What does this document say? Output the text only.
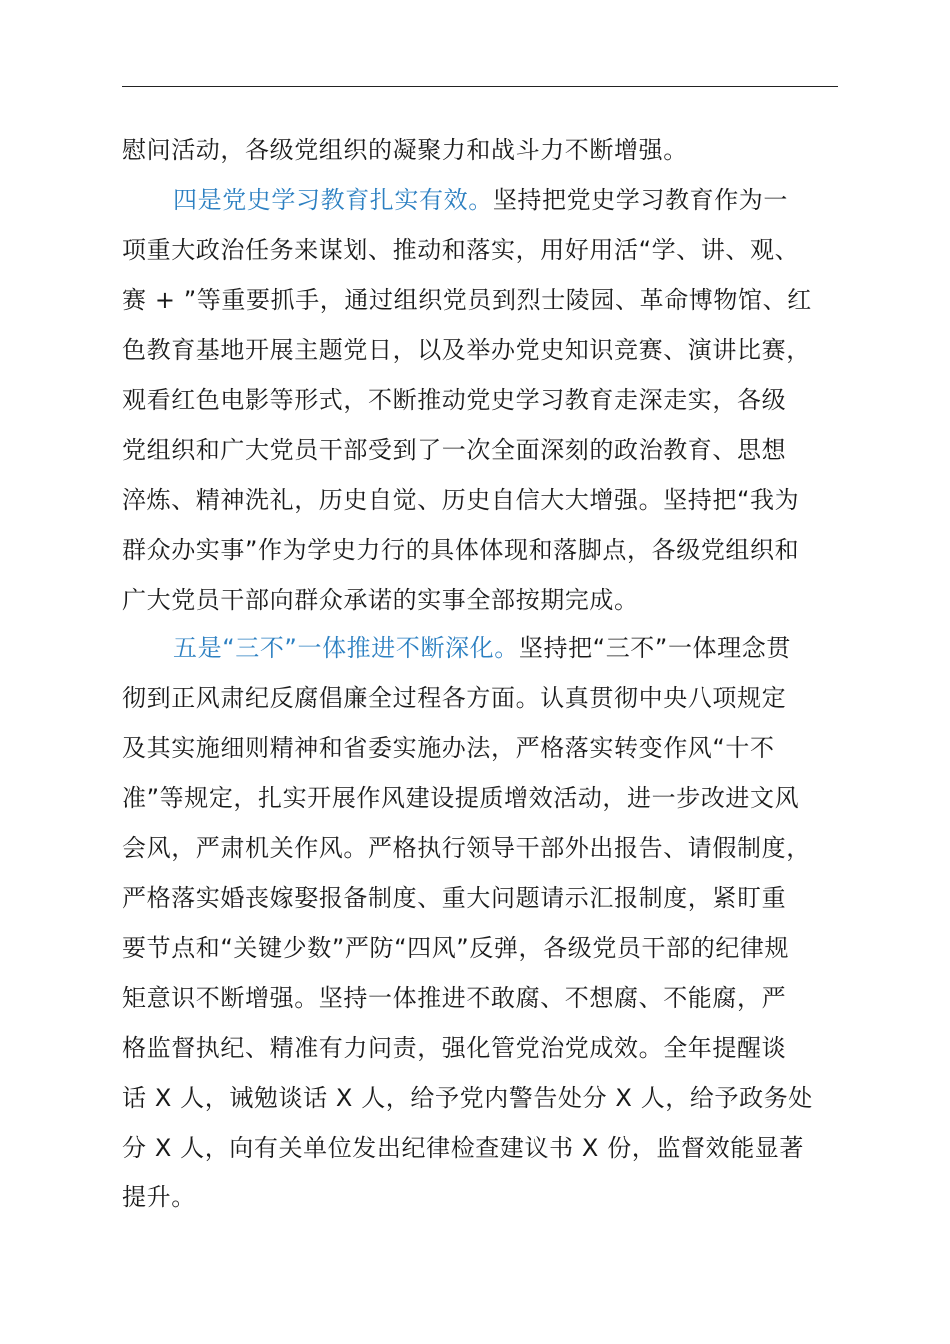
慰问活动，各级党组织的凝聚力和战斗力不断增强。
四是党史学习教育扎实有效。坚持把党史学习教育作为一
项重大政治任务来谋划、推动和落实，用好用活“学、讲、观、
赛 + ”等重要抓手，通过组织党员到烈士陵园、革命博物馆、红
色教育基地开展主题党日，以及举办党史知识竞赛、演讲比赛，
观看红色电影等形式，不断推动党史学习教育走深走实，各级
党组织和广大党员干部受到了一次全面深刻的政治教育、思想
淬炼、精神洗礼，历史自觉、历史自信大大增强。坚持把“我为
群众办实事”作为学史力行的具体体现和落脚点，各级党组织和
广大党员干部向群众承诺的实事全部按期完成。
五是“三不”一体推进不断深化。坚持把“三不”一体理念贯
彻到正风肃纪反腐倡廉全过程各方面。认真贯彻中央八项规定
及其实施细则精神和省委实施办法，严格落实转变作风“十不
准”等规定，扎实开展作风建设提质增效活动，进一步改进文风
会风，严肃机关作风。严格执行领导干部外出报告、请假制度，
严格落实婚丧嫁娶报备制度、重大问题请示汇报制度，紧盯重
要节点和“关键少数”严防“四风”反弹，各级党员干部的纪律规
矩意识不断增强。坚持一体推进不敢腐、不想腐、不能腐，严
格监督执纪、精准有力问责，强化管党治党成效。全年提醒谈
话 X 人，诫勉谈话 X 人，给予党内警告处分 X 人，给予政务处
分 X 人，向有关单位发出纪律检查建议书 X 份，监督效能显著
提升。
